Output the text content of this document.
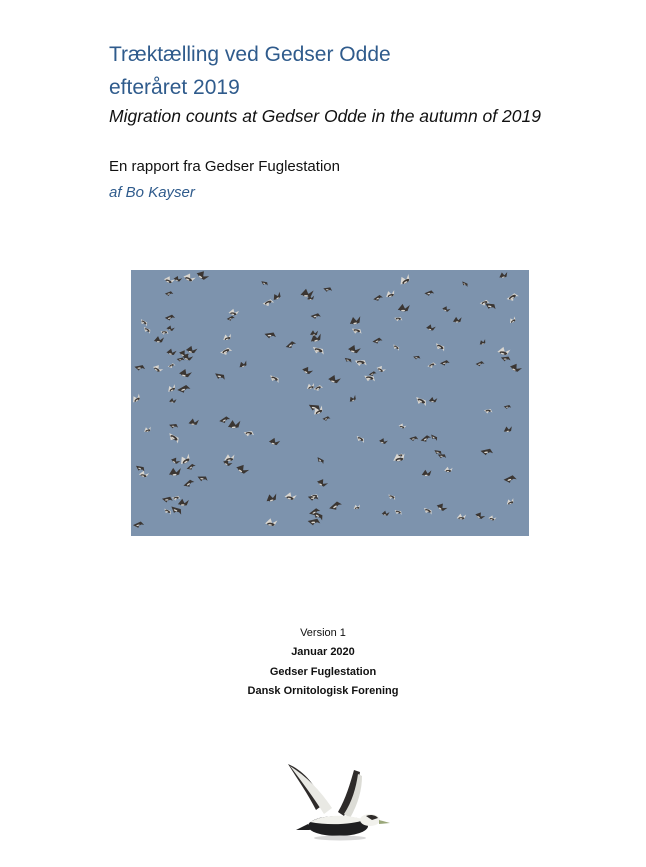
Træktælling ved Gedser Odde
efteråret 2019
Migration counts at Gedser Odde in the autumn of 2019
En rapport fra Gedser Fuglestation
af Bo Kayser
Version 1
Januar 2020
Gedser Fuglestation
Dansk Ornitologisk Forening
